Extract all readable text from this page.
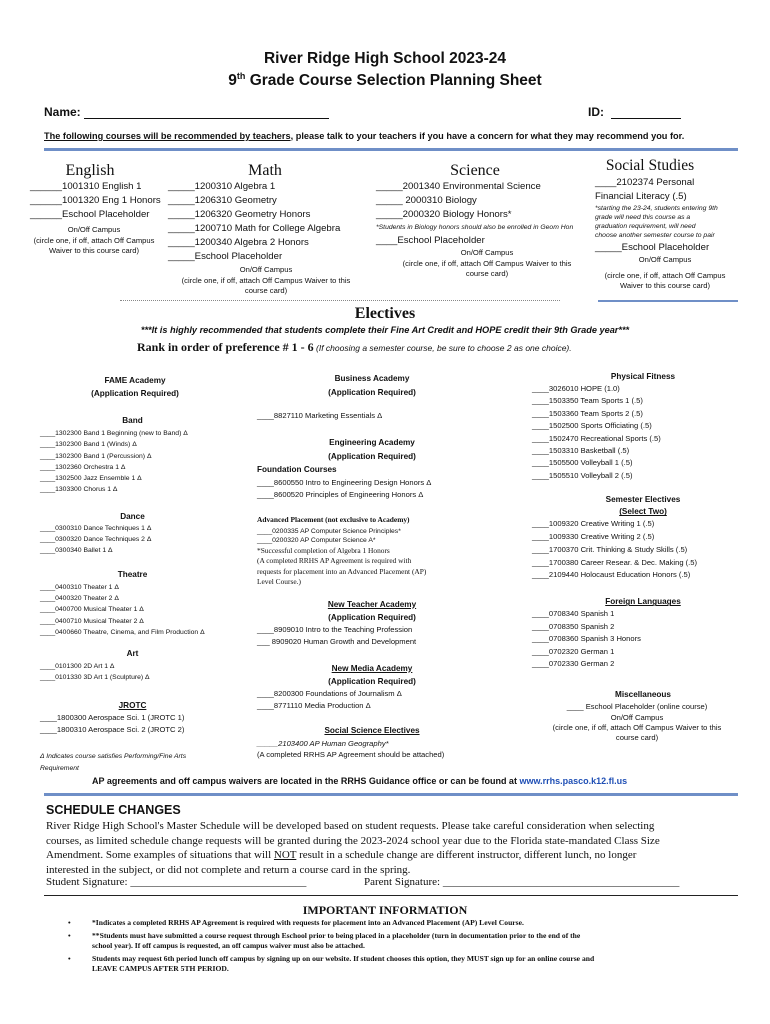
River Ridge High School 2023-24
9th Grade Course Selection Planning Sheet
Name:	ID:
The following courses will be recommended by teachers, please talk to your teachers if you have a concern for what they may recommend you for.
English
______1001310 English 1
______1001320 Eng 1 Honors
______Eschool Placeholder
On/Off Campus
(circle one, if off, attach Off Campus
Waiver to this course card)
Math
_____1200310 Algebra 1
_____1206310 Geometry
_____1206320 Geometry Honors
_____1200710 Math for College Algebra
_____1200340 Algebra 2 Honors
_____Eschool Placeholder
On/Off Campus
(circle one, if off, attach Off Campus Waiver to this
course card)
Science
_____2001340 Environmental Science
_____ 2000310 Biology
_____2000320 Biology Honors*
*Students in Biology honors should also be enrolled in Geom Hon
____Eschool Placeholder
On/Off Campus
(circle one, if off, attach Off Campus Waiver to this
course card)
Social Studies
____2102374 Personal
Financial Literacy (.5)
*starting the 23-24, students entering 9th
grade will need this course as a
graduation requirement, will need
choose another semester course to pair
_____Eschool Placeholder
On/Off Campus
(circle one, if off, attach Off Campus
Waiver to this course card)
Electives
***It is highly recommended that students complete their Fine Art Credit and HOPE credit their 9th Grade year***
Rank in order of preference # 1 - 6 (If choosing a semester course, be sure to choose 2 as one choice).
FAME Academy
(Application Required)
Band
____1302300 Band 1 Beginning (new to Band) Δ
____1302300 Band 1 (Winds) Δ
____1302300 Band 1 (Percussion) Δ
____1302360 Orchestra 1 Δ
____1302500 Jazz Ensemble 1 Δ
____1303300 Chorus 1 Δ
Dance
____0300310 Dance Techniques 1 Δ
____0300320 Dance Techniques 2 Δ
____0300340 Ballet 1 Δ
Theatre
____0400310 Theater 1 Δ
____0400320 Theater 2 Δ
____0400700 Musical Theater 1 Δ
____0400710 Musical Theater 2 Δ
____0400660 Theatre, Cinema, and Film Production Δ
Art
____0101300 2D Art 1 Δ
____0101330 3D Art 1 (Sculpture) Δ
JROTC
____1800300 Aerospace Sci. 1 (JROTC 1)
____1800310 Aerospace Sci. 2 (JROTC 2)
Δ Indicates course satisfies Performing/Fine Arts
Requirement
Business Academy
(Application Required)
____8827110 Marketing Essentials Δ
Engineering Academy
(Application Required)
Foundation Courses
____8600550 Intro to Engineering Design Honors Δ
____8600520 Principles of Engineering Honors Δ
Advanced Placement (not exclusive to Academy)
____0200335 AP Computer Science Principles*
____0200320 AP Computer Science A*
*Successful completion of Algebra 1 Honors
(A completed RRHS AP Agreement is required with
requests for placement into an Advanced Placement (AP)
Level Course.)
New Teacher Academy
(Application Required)
____8909010 Intro to the Teaching Profession
___ 8909020 Human Growth and Development
New Media Academy
(Application Required)
____8200300 Foundations of Journalism Δ
____8771110 Media Production Δ
Social Science Electives
_____2103400 AP Human Geography*
(A completed RRHS AP Agreement should be attached)
Physical Fitness
____3026010 HOPE (1.0)
____1503350 Team Sports 1 (.5)
____1503360 Team Sports 2 (.5)
____1502500 Sports Officiating (.5)
____1502470 Recreational Sports (.5)
____1503310 Basketball (.5)
____1505500 Volleyball 1 (.5)
____1505510 Volleyball 2 (.5)
Semester Electives
(Select Two)
____1009320 Creative Writing 1 (.5)
____1009330 Creative Writing 2 (.5)
____1700370 Crit. Thinking & Study Skills (.5)
____1700380 Career Resear. & Dec. Making (.5)
____2109440 Holocaust Education Honors (.5)
Foreign Languages
____0708340 Spanish 1
____0708350 Spanish 2
____0708360 Spanish 3 Honors
____0702320 German 1
____0702330 German 2
Miscellaneous
____ Eschool Placeholder (online course)
On/Off Campus
(circle one, if off, attach Off Campus Waiver to this
course card)
AP agreements and off campus waivers are located in the RRHS Guidance office or can be found at www.rrhs.pasco.k12.fl.us
SCHEDULE CHANGES
River Ridge High School's Master Schedule will be developed based on student requests. Please take careful consideration when selecting
courses, as limited schedule change requests will be granted during the 2023-2024 school year due to the Florida state-mandated Class Size
Amendment. Some examples of situations that will NOT result in a schedule change are different instructor, different lunch, no longer
interested in the subject, or did not complete and return a course card in the spring.
Student Signature: ________________________________	Parent Signature: ___________________________________________
IMPORTANT INFORMATION
•	*Indicates a completed RRHS AP Agreement is required with requests for placement into an Advanced Placement (AP) Level Course.
•	**Students must have submitted a course request through Eschool prior to being placed in a placeholder (turn in documentation prior to the end of the
school year). If off campus is requested, an off campus waiver must also be attached.
•	Students may request 6th period lunch off campus by signing up on our website. If student chooses this option, they MUST sign up for an online course and
LEAVE CAMPUS AFTER 5TH PERIOD.
